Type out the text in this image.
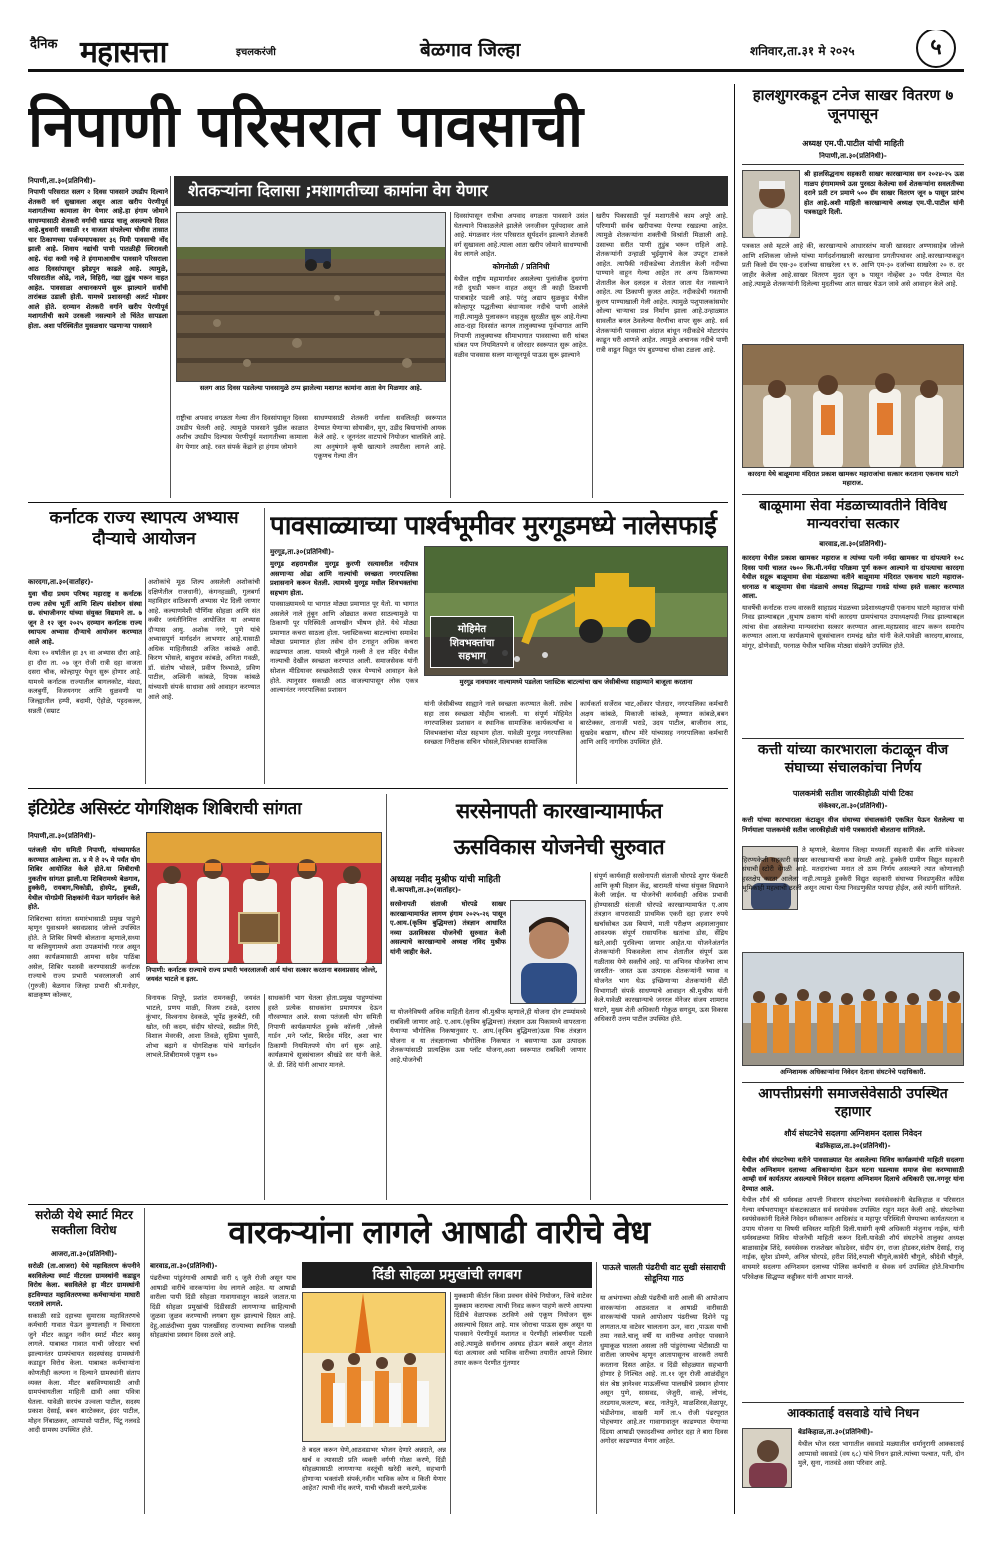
दैनिक महासत्ता	इचलकरंजी	बेळगाव जिल्हा	शनिवार,ता.३१ मे २०२५	५
निपाणी परिसरात पावसाची
शेतकऱ्यांना दिलासा ;मशागतीच्या कामांना वेग येणार
निपाणी,ता.३०(प्रतिनिधी)-

निपाणी परिसरात सलग २ दिवस पावसाने उघडीप दिल्याने शेतकरी वर्ग सुखावला असून आता खरीप पेरणीपूर्व मशागतीच्या कामाला वेग येणार आहे.हा हंगाम जोमाने साधण्यासाठी शेतकरी वर्गाची धडपड चालू असल्याचे दिसत आहे.बुधवारी सकाळी ११ वाजता संपलेल्या चोवीस तासात चार ठिकाणच्या पर्जन्यमापकावर ३६ मिमी पावसाची नोंद झाली आहे. शिवाय नद्यांची पाणी पातळीही स्थिरावली आहे. यंदा कधी नव्हे ते हंगामाआधीच पावसाने परिसराला आठ दिवसांपासून झोडपून काढले आहे. त्यामुळे, परिसरातील ओढे, नाले, विहिरी, नद्या तुडुंब भरून वाहत आहेत. पावसाळा अचानकपणे सुरू झाल्याने सर्वांची तारांबळ उडाली होती. यामध्ये प्रशासनही अलर्ट मोडवर आले होते. दरम्यान शेतकरी वर्गाने खरीप पेरणीपूर्व मशागतीची कामे उरकली नसल्याने तो चिंतेत सापडला होता. अशा परिस्थितीत मुसळधार पडणाऱ्या पावसाने

सलग आठ दिवस पडलेल्या पावसामुळे ठप्प झालेल्या मशागत कामांना आता वेग मिळणार आहे.

राष्ट्रीचा अपवाद वगळता गेल्या तीन दिवसांपासून दिवसा उघडीप घेतली आहे. त्यामुळे पावसाने पुढील काळात अशीच उघडीप दिल्यास पेरणीपूर्व मशागतीच्या कामाला वेग येणार आहे. रवत संपर्क केंद्राने हा हंगाम जोमाने

साधण्यासाठी शेतकरी वर्गाला सवलितही स्वरूपात देण्यात येणाऱ्या सोयाबीन, मूग, उडीद बियाणांची आयक केले आहे. १ जूननंतर वाटपाचे नियोजन चालविले आहे. त्या अनुषंगाने कृषी खात्याने तयारीला लागले आहे. एकूणच गेल्या तीन

दिवसांपासून रात्रीचा अपवाद वगळता पावसाने उसंत घेतल्याने पिकाळलेले झालेले जनजीवन पूर्वपदावर आले आहे. मंगळवार नंतर परिसरात सूर्यदर्शन झाल्याने शेतकरी वर्ग सुखावला आहे.त्याला आता खरीप जोमाने साधण्याची वेध लागले आहेत.

कोगनोळी / प्रतिनिधी

येथील राष्ट्रीय महामार्गावर असलेल्या पुलांजीक दुधगंगा नदी दुथडी भरून वाहत असून ती काही ठिकाणी पात्राबाहेर पडली आहे. परंतु अद्याप सुळकूड येथील कोल्हापूर पद्धतीच्या बंधाऱ्यावर नदीचे पाणी आलेले नाही.त्यामुळे पुलावरून वाहतूक सुरळीत सुरू आहे.गेल्या आठ-दहा दिवसांत कागल तालुक्याच्या पूर्वभागात आणि निपाणी तालुक्याच्या सीमाभागात पावसाच्या सरी थांबत थांबत पण नियमितपणे व जोरदार स्वरूपात सुरू आहेत. वळीव पावसास सलग मान्सूनपूर्व पाऊस सुरू झाल्याने

खरीप पिकासाठी पूर्व मशागतीचे काम अपूरे आहे. परिणामी सर्वच खरीपाच्या पेरण्या रखडल्या आहेत. त्यामुळे शेतकऱ्यांना शक्तीची विश्रांती मिळाली आहे. उसाच्या सरीत पाणी तुडुंब भरून राहिले आहे. शेतकऱ्यांनी उन्हाळी भुईमुगाचे केल उपटून टाकले आहेत. त्यापैकी नदीकडेच्या शेतातील केली नदीच्या पाण्याने वाहून गेल्या आहेत तर अन्य ठिकाणच्या शेतातील केल दलदल व शेतात जाता येत नसल्याने आहेत. त्या ठिकाणी कुजत आहेत. नदीकडेची गवताची कुरण पाण्याखाली गेली आहेत. त्यामुळे पशुपालकांसमोर ओल्या चाऱ्याचा प्रश्न निर्माण झाला आहे.उन्हाळ्यात सावलीत बनल ठेवलेल्या वैरणीचा वापर सुरू आहे. सर्व शेतकऱ्यांनी पावसाचा अंदाज बांधून नदीकडेचे मोटारपंप काढून घरी आणले आहेत. त्यामुळे अचानक नदीचे पाणी रात्री वाढून विद्युत पंप बुडण्याचा धोका टळला आहे.

हालशुगरकडून टनेज साखर वितरण ७ जूनपासून
अध्यक्ष एम.पी.पाटील यांची माहिती
निपाणी,ता.३०(प्रतिनिधी)-

श्री हालसिद्धनाथ सहकारी साखर कारखान्यास सन २०२४-२५ ऊस गाळप हंगामामध्ये ऊस पुरवठा केलेल्या सर्व शेतकऱ्यांना सवलतीच्या दराने प्रती टन प्रमाणे ५०० ग्रॅम साखर वितरण जून ७ पासून प्रारंभ होत आहे.अशी माहिती कारखान्याचे अध्यक्ष एम.पी.पाटील यांनी पत्रकाद्वारे दिली.

पत्रकात असे म्हटले आहे की, कारखान्याचे आधारस्तंभ माजी खासदार अण्णासाहेब जोल्ले आणि शशिकला जोल्ले यांच्या मार्गदर्शनाखाली कारखाना प्रगतीपथावर आहे.कारखान्याकडून प्रती किलो ग्रॅम एस-३० दर्जाच्या साखरेला १९ रु. आणि एम-३० दर्जाच्या साखरेला २० रु. दर जाहीर केलेला आहे.साखर वितरण मुदत जून ७ पासून नोव्हेंबर ३० पर्यंत देण्यात येत आहे.त्यामुळे शेतकऱ्यांनी दिलेल्या मुदतीच्या आत साखर घेऊन जावे असे आवाहन केले आहे.

कारदगा येथे बाळूमामा मंदिरात प्रकाश खामकर महाराजांचा सत्कार करताना एकनाथ घाटगे महाराज.
बाळूमामा सेवा मंडळाच्यावतीने विविध मान्यवरांचा सत्कार
बारवाड,ता.३०(प्रतिनिधी)-

कारदगा येथील प्रकाश खामकर महाराज व त्यांच्या पत्नी नर्मदा खामकर या दांपत्याने १०८ दिवस पायी चालत २७०० कि.मी.नर्मदा परिक्रमा पूर्ण करून आल्याने या दांपत्याचा कारदगा येथील सद्गुरू बाळूमामा सेवा मंडळाच्या वतीने बाळूमामा मंदिरात एकनाथ घाटगे महाराज-धरनाळ व बाळूमामा सेवा मंडळाचे अध्यक्ष सिद्धाप्पा गावडे यांच्या हस्ते सत्कार करण्यात आला.

यावर्षेची कर्नाटक राज्य वारकरी साहाप्रद मंडळच्या प्रदेशाध्यक्षपदी एकनाथ घाटगे महाराज यांची निवड झाल्याबद्दल ,सुभाष ठकाण यांची कारदगा ग्रामपंचायत उपाध्यक्षपदी निवड झाल्याबद्दल त्यांचा सेवा असलेल्या मान्यवरांचा सत्कार करण्यात आला.महाप्रसाद वाटप करून समारोप करण्यात आला.या कार्यक्रमाचे सूत्रसंचालन रामचंद्र खोत यांनी केले.यावेळी कारदगा,बारवाड, मांगूर, ढोणेवाडी, यरनाळ येथील भाविक मोठ्या संख्येने उपस्थित होते.

कत्ती यांच्या कारभाराला कंटाळून वीज संघाच्या संचालकांचा निर्णय
पालकमंत्री सतीश जारकीहोळी यांची टिका
संकेश्वर,ता.३०(प्रतिनिधी)-

कत्ती यांच्या कारभाराला कंटाळून वीज संघाच्या संचालकांनी एकत्रित येऊन घेतलेल्या या निर्णयाला पालकमंत्री सतीश जारकीहोळी यांनी पत्रकारांशी बोलताना सांगितले.

ते म्हणाले, बेळगाव जिल्हा मध्यवर्ती सहकारी बँक आणि संकेश्वर हिरण्यकेशी सहकारी साखर कारखान्याची कथा वेगळी आहे. हुक्केरी ग्रामीण विद्युत सहकारी संघाची स्टोरी वेगळी आहे. मतदारांच्या मनात तो ठाम निर्णय असल्याने त्यात कोणालाही हस्तक्षेप करता आलेला नाही.त्यामुळे हुक्केरी विद्युत सहकारी संघाच्या निवडणुकीत काँग्रेस भूमिकाही महत्वाची ठरली असून त्याचा येत्या निवडणुकीत फायदा होईल, असे त्यांनी सांगितले.

अग्निशामक अधिकाऱ्यांना निवेदन देताना संघटनेचे पदाधिकारी.
आपत्तीप्रसंगी समाजसेवेसाठी उपस्थित रहाणार
शौर्य संघटनेचे सदलगा अग्निशमन दलास निवेदन
बेडकिहाळ,ता.३०(प्रतिनिधी)-

येथील शौर्य संघटनेच्या वतीने पावसाळ्यात येत असलेल्या विविध कार्यक्रमांची माहिती सदलगा येथील अग्निशमन दलाच्या अधिकाऱ्यांना देऊन घटना घडल्यास समाज सेवा करण्यासाठी आम्ही सर्व कार्यतत्पर असल्याचे निवेदन सदलगा अग्निशमन दिलाचे अधिकारी एस.नगनूर यांना देण्यात आले.

येथील शौर्य श्री धर्मस्थळ आपत्ती निवारण संघटनेच्या स्वयंसेवकांनी बेडकिहाळ व परिसरात गेल्या वर्षभरापासून संकटकाळात सर्व स्वयंसेवक उपस्थित राहून मदत केली आहे. संघटनेच्या स्वयंसेवकांनी दिलेले निवेदन स्वीकारून आदिकांड व महापूर परिस्थिती घेण्याच्या कार्यतत्परता व उपाय योजना या विषयी सविस्तर माहिती दिली.यासंगी कृषी अधिकारी मंजुनाथ नाईक, यांनी धर्मस्थळच्या विविध योजनेची माहिती करून दिली.यावेळी शौर्य संघटनेचे तालुका अध्यक्ष बाळासाहेब शिंदे, स्वयंसेवक राजशेखर कोडदेवर, संदीप दंग, राजा होडकर,संतोष देसाई, राजू नाईक, सुरेश डोमणे, अनिल घोरपडे, हरीश शिंदे,रुपाली चौगुले,कावेरी चौगुले, श्रीदेवी चौगुले, वाघमारे सदलगा अग्निशमन दलाच्या पोलिस कर्मचारी व सेवक वर्ग उपस्थित होते.विभागीय परिवेक्षक सिद्धप्पा कड्डीकर यांनी आभार मानले.

आक्काताई वसवाडे यांचे निधन
बेडकिहाळ,ता.३०(प्रतिनिधी)-

येथील भोज रस्ता भागातील वसवाडे मळ्यातील धर्मानुरागी आक्काताई आप्पासो वसवाडे (वय ६८) यांचे निधन झाले.त्यांच्या पश्चात, पती, दोन मुले, सुना, नातवंडे असा परिवार आहे.

कर्नाटक राज्य स्थापत्य अभ्यास दौऱ्याचे आयोजन
कारदगा,ता.३०(वार्ताहर)-

युवा चौदा प्रथम परिषद महाराष्ट्र व कर्नाटक राज्य तसेच भूर्ती आणि शिल्प संशोधन संस्था छ. संभाजीनगर यांच्या संयुक्त विद्यमाने ता. ७ जून ते १२ जून २०२५ दरम्यान कर्नाटक राज्य स्थापत्य अभ्यास दौऱ्याचे आयोजन करण्यात आले आहे.

येत्या १० वर्षांतील हा ३९ वा अभ्यास दौरा आहे. हा दौरा ता. ०७ जून रोजी रात्री दहा वाजता दसरा चौक, कोल्हापूर येथून सुरू होणार आहे. यामध्ये कर्नाटक राज्यातील बागलकोट, मंड्या, कलबुर्गी, विजयनगर आणि धुळवणी या जिल्ह्यातील हम्पी, बदामी, ऐहोळे, पट्टदकल्ल, सन्नती (सम्राट

अशोकांचे मूळ शिल्प असलेली अशोकांची दक्षिणेतील राजधानी), कंगनहळ्ळी, गुलबर्गा महाविहार वाठिकाणी अभ्यास भेट दिली जाणार आहे. कल्याणमेशी पौर्णिमा सोहळा आणि संत कबीर जयंतीनिमित्त आयोजित या अभ्यास दौऱ्यास आयु. अशोक नगरे, पुणे यांचे अभ्यासपूर्ण मार्गदर्शन लाभणार आहे.यासाठी अधिक माहितीसाठी अजित कांबळे आदी. किरण भोसले, बाबुराव कांबळे, अनिता गवळी, डॉ. संतोष भोसले, प्रवीण रिब्भाळे, प्रविण पाटील, अश्विनी कांबळे, दिपक कांबळे यांच्याशी संपर्क साधावा असे आवाहन करण्यात आले आहे.

पावसाळ्याच्या पार्श्वभूमीवर मुरगूडमध्ये नालेसफाई
मुरगूड,ता.३०(प्रतिनिधी)-

मुरगूड शहरामधील मुरगूड कुरणी रस्त्यावरील नदीपात्र असणाऱ्या ओढा आणि नाल्यांची स्वच्छता नगरपालिका प्रशासनाने करून घेतली. त्यामध्ये मुरगूड मधील शिवभक्तांचा सहभाग होता.

पावसाळ्यामध्ये या भागात मोठ्या प्रमाणात पूर येतो. या भागात असलेले नाले तुंबून आणि ओढ्यात कचरा साठल्यामुळे या ठिकाणी पूर परिस्थिती आणखीन भीषण होते. येथे मोठ्या प्रमाणात कचरा साठला होता. प्लास्टिकच्या बाटल्यांचा समावेश मोठ्या प्रमाणात होता तसेच दोन टनाहून अधिक कचरा काढण्यात आला. यामध्ये चौगुले गल्ली ते दत्त मंदिर येथील नाल्याची देखील स्वच्छता करण्यात आली. समाजसेवक यांनी सोशल मीडियावर स्वच्छतेसाठी एकत्र येण्याचे आवाहन केले होते. त्यानुसार सकाळी आठ वाजल्यापासून लोक एकत्र आल्यानंतर नगरपालिका प्रशासन

मोहिमेत शिवभक्तांचा सहभाग
मुरगूड नावयावर नाल्यामध्ये पडलेला प्लास्टिक बाटल्यांचा खच जेसीबीच्या साहाय्याने बाजूला करताना

यांनी जेसीबीच्या साह्याने नाले स्वच्छता करण्यात केली. तसेच सहा तास स्वच्छता मोहीम चालली. या संपूर्ण मोहिमेत नगरपालिका प्रशासन व स्थानिक सामाजिक कार्यकर्त्यांचा व शिवभक्तांचा मोठा सहभाग होता. यावेळी मुरगूड नगरपालिका स्वच्छता निरीक्षक सचिन भोसले,शिवभक्त सामाजिक

कार्यकर्ता सर्जेराव भाट,ओंकार पोतदार, नगरपालिका कर्मचारी अक्षय कांबळे, मिकाजी कांबळे, कृष्णात कांबळे,बबन बारटेक्कर, तानाजी भराडे, उदय पाटील, बाजीराव लाड, सुखदेव बखाण, सौरभ मोरे यांच्यासह नगरपालिका कर्मचारी आणि आदि नागरिक उपस्थित होते.

इंटिग्रेटेड असिस्टंट योगशिक्षक शिबिराची सांगता
निपाणी,ता.३०(प्रतिनिधी)-

पतंजली योग समिती निपाणी, यांच्यामार्फत करण्यात आलेल्या ता. ४ मे ते २५ मे पर्यंत योग शिबिर आयोजित केले होते.या शिबीराची नुकतीच सांगता झाली.या शिबिरामध्ये बेळगाव, हुक्केरी, रायबाग,चिकोडी, होस्पेट, हुबळी, येथील योगप्रेमी शिक्षकांनी येऊन मार्गदर्शन केले होते.

शिबिराच्या सांगता समारंभासाठी प्रमुख पाहुणे म्हणून युवाश्रमने बसवप्रसाद जोल्ले उपस्थित होते. ते शिबिर विषयी बोलताना म्हणाले,सध्या या कलियुगामध्ये अशा उपक्रमांची गरज असून असा कार्यक्रमासाठी आमचा सदैव पाठिंबा असेल, शिबिर यशस्वी करण्यासाठी कर्नाटक राज्याचे राज्य प्रभारी भवरलालजी आर्य (गुरुजी) बेळगाव जिल्हा प्रभारी श्री.मनोहर, बाळकृष्ण कोल्कर,

निपाणी: कर्नाटक राज्याचे राज्य प्रभारी भवरलालजी आर्य यांचा सत्कार करताना बसवप्रसाद जोल्ले, जयवंत भाटले व इतर.

विनायक शिपूरे, प्रशांत रामनकट्टी, जयवंत भाटले, प्रणय माळी, विजय टवळे, दशरथ कुंभार, विश्वनाथ देवकळे, भूपेंद्र कुरुबेटी, रवी खोत, रवी कदम, संदीप घोरपडे, स्वप्नील गिरी, विशाल मेवरकी, आशा तिवळे, सुप्रिया भुसारी, शोभा बढ़ागे व योगशिक्षक यांचे मार्गदर्शन लाभले.शिबीरामध्ये एकूण १७०

साधकांनी भाग घेतला होता.प्रमुख पाहुण्यांच्या हस्ते प्रत्येक साधकांना प्रमाणपत्र देऊन गौरवण्यात आले. सध्या पतंजली योग समिती निपाणी कार्यक्रमार्फत हुक्के कॉलनी ,जोल्ले गार्डन ,मने प्लॉट, बिरदेव मंदिर, अशा चार ठिकाणी नियमितपणे योग वर्ग सुरू आहे. कार्यक्रमाचे सूत्रसंचालन श्रीखंडे सर यांनी केले. जे. डी. शिंदे यांनी आभार मानले.

सरसेनापती कारखान्यामार्फत
ऊसविकास योजनेची सुरुवात
अध्यक्ष नवीद मुश्रीफ यांची माहिती
से.कापशी,ता.३०(वार्ताहर)-

सरसेनापती संताजी घोरपडे साखर कारखान्यामार्फत लागण हंगाम २०२५-२६ पासून ए.आय.(कृत्रिम बुद्धिमत्ता) तंत्रज्ञान आधारित नव्या ऊसविकास योजनेची सुरुवात केली असल्याचे कारखान्याचे अध्यक्ष नविद मुश्रीफ यांनी जाहीर केले.

या योजनेविषयी अधिक माहिती देताना श्री.मुश्रीफ म्हणाले,ही योजना दोन टप्प्यांमध्ये राबविली जाणार आहे. ए.आय.(कृत्रिम बुद्धिमत्ता) तंत्रज्ञान ऊस पिकामध्ये वापरताना येणाऱ्या भौगोलिक निकषानुसार ए. आय.(कृत्रिम बुद्धिमत्ता)ऊस पिक तंत्रज्ञान योजना व या तंत्रज्ञानाच्या भौगोलिक निकषात न बसणाऱ्या ऊस उत्पादक शेतकऱ्यांसाठी प्रात्यक्षिक ऊस प्लॉट योजना,अशा स्वरूपात राबविली जाणार आहे.योजनेची

संपूर्ण कार्यवाही सरसेनापती संताजी घोरपडे शुगर फॅक्टरी आणि कृषी विज्ञान केंद्र, बारामती यांच्या संयुक्त विद्यमाने केली जाईल. या योजनेची कार्यवाही अधिक प्रभावी होण्यासाठी संताजी घोरपडे कारखान्यामार्फत ए.आय तंत्रज्ञान वापरासाठी प्राथमिक एकरी दहा हजार रुपये खर्चासोबत ऊस बियाणे, माती परीक्षण अहवालानुसार आवश्यक संपूर्ण रासायनिक खतांचा डोस, सेंद्रिय खते,आदी पुरविल्या जाणार आहेत.या योजनेअंतर्गत शेतकऱ्यांनी पिकवलेला लाभ शेतातील संपूर्ण ऊस गळीतास येणे सक्तीचे आहे. या अभिनव योजनेचा लाभ जास्तीत- जास्त ऊस उत्पादक शेतकऱ्यांनी घ्यावा व योजनेत भाग घेऊ इच्छिणाऱ्या शेतकऱ्यांनी सेंटी विभागाशी संपर्क साधण्याचे आवाहन श्री.मुश्रीफ यांनी केले.यावेळी कारखान्याचे जनरल मॅनेजर संजय शामराव घाटगे, मुख्य शेती अधिकारी गोकुळ सगदुम, ऊस विकास अधिकारी उत्तम पाटील उपस्थित होते.

सरोळी येथे स्मार्ट मिटर सक्तीला विरोध
आजरा,ता.३०(प्रतिनिधी)-

सरोळी (ता.आजरा) येथे महावितरण कंपनीने बसविलेल्या स्मार्ट मीटरला ग्रामस्थांनी कडाडून विरोध केला. बसविलेले हा मीटर ग्रामस्थांनी हटविण्यात महावितरणच्या कर्मचाऱ्यांना माघारी परतावे लागले.

सकाळी साडे दहाच्या सुमारास महावितरणचे कर्मचारी गावात येऊन कुणालाही न विचारता जुने मीटर काढून नवीन स्मार्ट मीटर बसवू लागले. याबाबत गावात याची जोरदार चर्चा झाल्यानंतर ग्रामपंचायत सदस्यांसह ग्रामस्थांनी कडाडून विरोध केला. याबाबत कर्मचाऱ्यांना कोणतीही कल्पना न दिल्याने ग्रामस्थांनी संताप व्यक्त केला. मीटर बसविण्यासाठी आधी ग्रामपंचायतीला माहिती द्यावी असा पवित्रा घेतला. यावेळी सरपंच उज्वला पाटील, सदस्य प्रकाश देसाई, बबन बारटेक्कर, इंदर पाटील, मोहन निंबाळकर, आप्पासो पाटील, पिंटू नलवडे आदी ग्रामस्थ उपस्थित होते.

वारकऱ्यांना लागले आषाढी वारीचे वेध
बारवाड,ता.३०(प्रतिनिधी)-

पंढरीच्या पांडुरंगाची आषाढी वारी ६ जुलै रोजी असून याच आषाढी वारीचे वारकऱ्यांना वेध लागले आहेत. या आषाढी वारीला पायी दिंडी सोहळा गावागावातून काढले जातात.या दिंडी सोहळा प्रमुखांची दिंडीसाठी लागणाऱ्या साहित्याची जुळवा जुळव करण्याची लगबग सुरू झाल्याचे दिसत आहे. देहू,आळंदीच्या मुख्य पालखींसह राज्याच्या स्थानिक पालखी सोहळ्यांचा प्रस्थान दिवस ठरले आहे.

दिंडी सोहळा प्रमुखांची लगबग

ते बदल करून घेणे,आठवडाभर भोजन देणारे अन्नदाते, अन्न खर्च व त्यासाठी प्रति व्यक्ती वर्गणी गोळा करणे, दिंडी सोहळ्यासाठी लागणाऱ्या वस्तूंची खरेदी करणे, सहभागी होणाऱ्या भक्तांशी संपर्क,नवीन भाविक कोण व किती येणार आहेत? त्याची नोंद करणे, याची चौकशी करणे,प्रत्येक

मुक्कामी कीर्तन किंवा प्रवचन सेवेचे नियोजन, जिथे वाटेवर मुक्काम करायचा त्याची निवड करून पाहणे करणे आपल्या दिंडीचे वेळापत्रक ठरविणे असे एकूण नियोजन सुरू असल्याचे दिसत आहे. मात्र जोराचा पाऊस सुरू असून या पावसाने पेरणीपूर्व मशागत व पेरणीही लांबणीवर पडली आहे.त्यामुळे सर्वांनाच अवघड होऊन बसले असून शेतात यंदा अत्यावर असे भाविक वारीच्या तयारीत आपले शिवार तयार करून पेरणीत गुंतणार

पाऊले चालती पंढरीची वाट सुखी संसाराची सोडूनिया गाठ

या अभंगाच्या ओळी पंढरीची वारी आली की आपोआप वारकऱ्यांना आठवतात व आषाढी वारीसाठी वारकऱ्यांची पावले आपोआप पंढरीच्या दिशेने पडू लागतात.या वाटेवर चालताना ऊन, वारा ,पाऊस याची तमा नसते.चालू वर्षी या वारीच्या अगोदर पावसाने धुमाकूळ घातला असला तरी पांडुरंगाच्या भेटीसाठी या वारीला जायचेच म्हणून आतापासूनच वारकरी तयारी करताना दिसत आहेत. व दिंडी सोहळ्यात सहभागी होणार हे निश्चित आहे. ता.११ जून रोजी आळंदीहून संत श्रेष्ठ ज्ञानेश्वर माऊलींच्या पालखीचे प्रस्थान होणार असून पुणे, सासवड, जेजुरी, वाल्हे, लोणंद, तरडगाव,फलटण, बरड, नातेपुते, माळशिरस,वेळापूर, भंडीशेगाव, वाखरी मार्गे ता.५ रोजी पंढरपूरात पोहचणार आहे.तर गावागावातून काढण्यात येणाऱ्या दिंडया आषाढी एकादशीच्या अगोदर दहा ते बारा दिवस अगोदर काढण्यात येणार आहेत.
